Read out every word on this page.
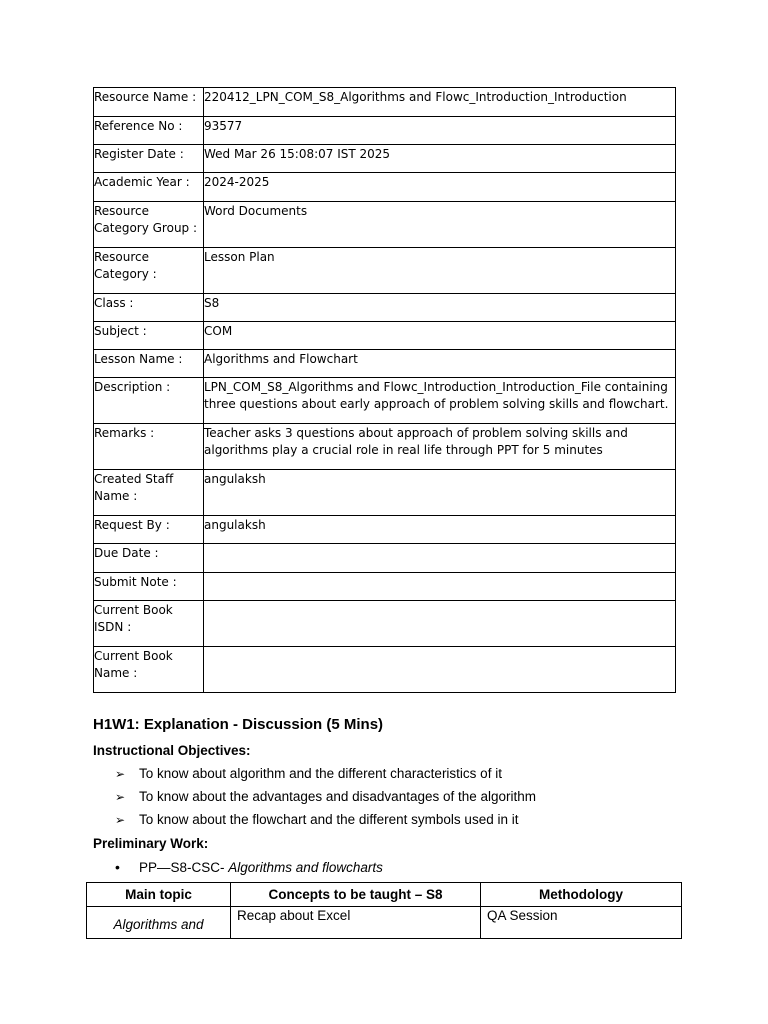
Resource Name :	220412_LPN_COM_S8_Algorithms and Flowc_Introduction_Introduction
Reference No :	93577
Register Date :	Wed Mar 26 15:08:07 IST 2025
Academic Year :	2024-2025
Resource Category Group :	Word Documents
Resource Category :	Lesson Plan
Class :	S8
Subject :	COM
Lesson Name :	Algorithms and Flowchart
Description :	LPN_COM_S8_Algorithms and Flowc_Introduction_Introduction_File containing three questions about early approach of problem solving skills and flowchart.
Remarks :	Teacher asks 3 questions about approach of problem solving skills and algorithms play a crucial role in real life through PPT for 5 minutes
Created Staff Name :	angulaksh
Request By :	angulaksh
Due Date :	
Submit Note :	
Current Book ISDN :	
Current Book Name :	
H1W1: Explanation - Discussion (5 Mins)

Instructional Objectives:

➢ To know about algorithm and the different characteristics of it
➢ To know about the advantages and disadvantages of the algorithm
➢ To know about the flowchart and the different symbols used in it

Preliminary Work:

• PP—S8-CSC- Algorithms and flowcharts
Main topic	Concepts to be taught – S8	Methodology
Algorithms and	Recap about Excel	QA Session
